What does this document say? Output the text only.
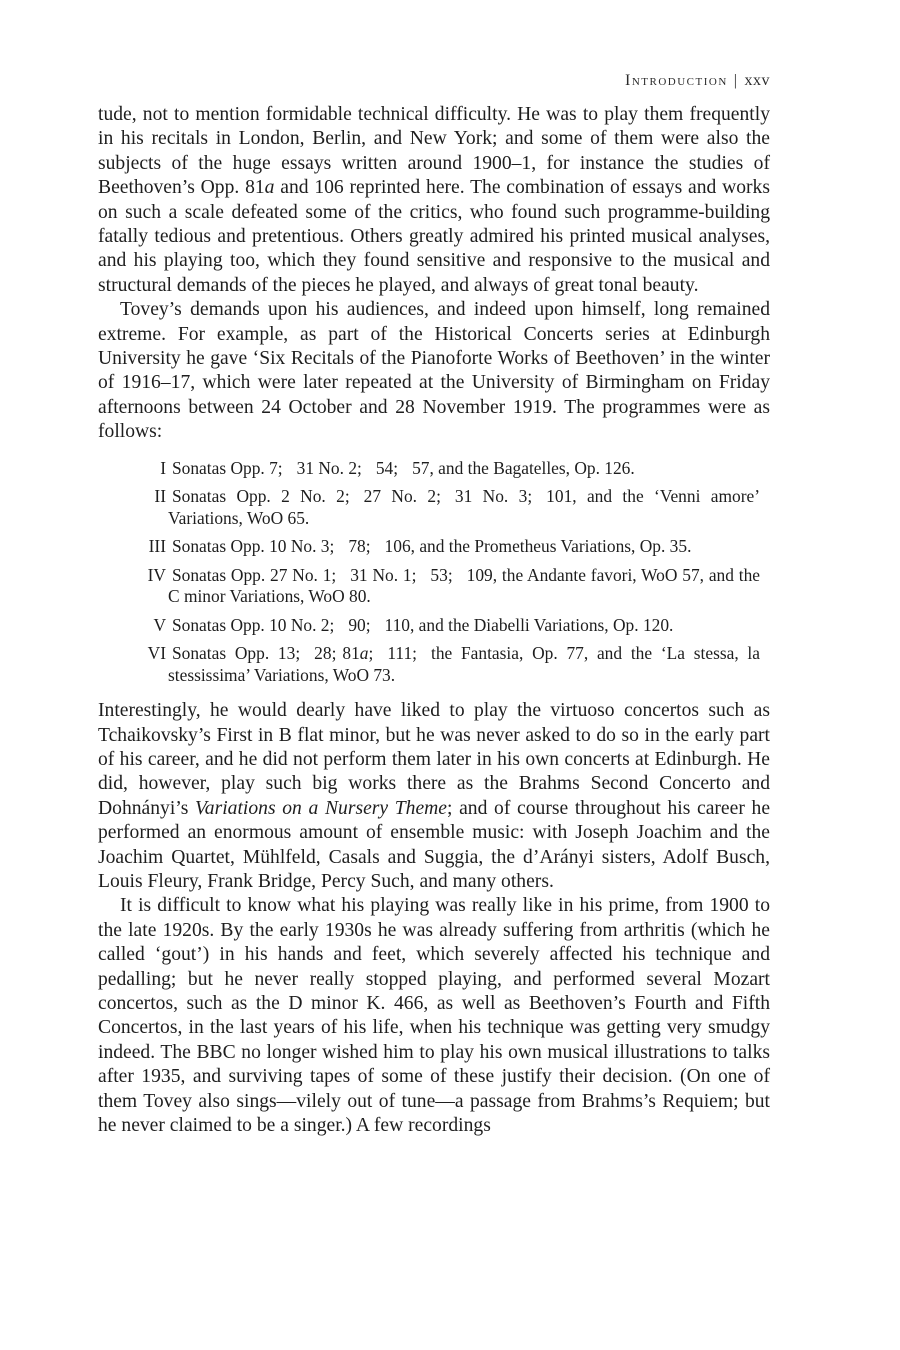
Introduction | xxv

tude, not to mention formidable technical difficulty. He was to play them frequently in his recitals in London, Berlin, and New York; and some of them were also the subjects of the huge essays written around 1900–1, for instance the studies of Beethoven’s Opp. 81a and 106 reprinted here. The combination of essays and works on such a scale defeated some of the critics, who found such programme-building fatally tedious and pretentious. Others greatly admired his printed musical analyses, and his playing too, which they found sensitive and responsive to the musical and structural demands of the pieces he played, and always of great tonal beauty.

Tovey’s demands upon his audiences, and indeed upon himself, long remained extreme. For example, as part of the Historical Concerts series at Edinburgh University he gave ‘Six Recitals of the Pianoforte Works of Beethoven’ in the winter of 1916–17, which were later repeated at the University of Birmingham on Friday afternoons between 24 October and 28 November 1919. The programmes were as follows:

I Sonatas Opp. 7; 31 No. 2; 54; 57, and the Bagatelles, Op. 126.
II Sonatas Opp. 2 No. 2; 27 No. 2; 31 No. 3; 101, and the ‘Venni amore’ Variations, WoO 65.
III Sonatas Opp. 10 No. 3; 78; 106, and the Prometheus Variations, Op. 35.
IV Sonatas Opp. 27 No. 1; 31 No. 1; 53; 109, the Andante favori, WoO 57, and the C minor Variations, WoO 80.
V Sonatas Opp. 10 No. 2; 90; 110, and the Diabelli Variations, Op. 120.
VI Sonatas Opp. 13; 28; 81a; 111; the Fantasia, Op. 77, and the ‘La stessa, la stessissima’ Variations, WoO 73.

Interestingly, he would dearly have liked to play the virtuoso concertos such as Tchaikovsky’s First in B flat minor, but he was never asked to do so in the early part of his career, and he did not perform them later in his own concerts at Edinburgh. He did, however, play such big works there as the Brahms Second Concerto and Dohnányi’s Variations on a Nursery Theme; and of course throughout his career he performed an enormous amount of ensemble music: with Joseph Joachim and the Joachim Quartet, Mühlfeld, Casals and Suggia, the d’Arányi sisters, Adolf Busch, Louis Fleury, Frank Bridge, Percy Such, and many others.

It is difficult to know what his playing was really like in his prime, from 1900 to the late 1920s. By the early 1930s he was already suffering from arthritis (which he called ‘gout’) in his hands and feet, which severely affected his technique and pedalling; but he never really stopped playing, and performed several Mozart concertos, such as the D minor K. 466, as well as Beethoven’s Fourth and Fifth Concertos, in the last years of his life, when his technique was getting very smudgy indeed. The BBC no longer wished him to play his own musical illustrations to talks after 1935, and surviving tapes of some of these justify their decision. (On one of them Tovey also sings—vilely out of tune—a passage from Brahms’s Requiem; but he never claimed to be a singer.) A few recordings
